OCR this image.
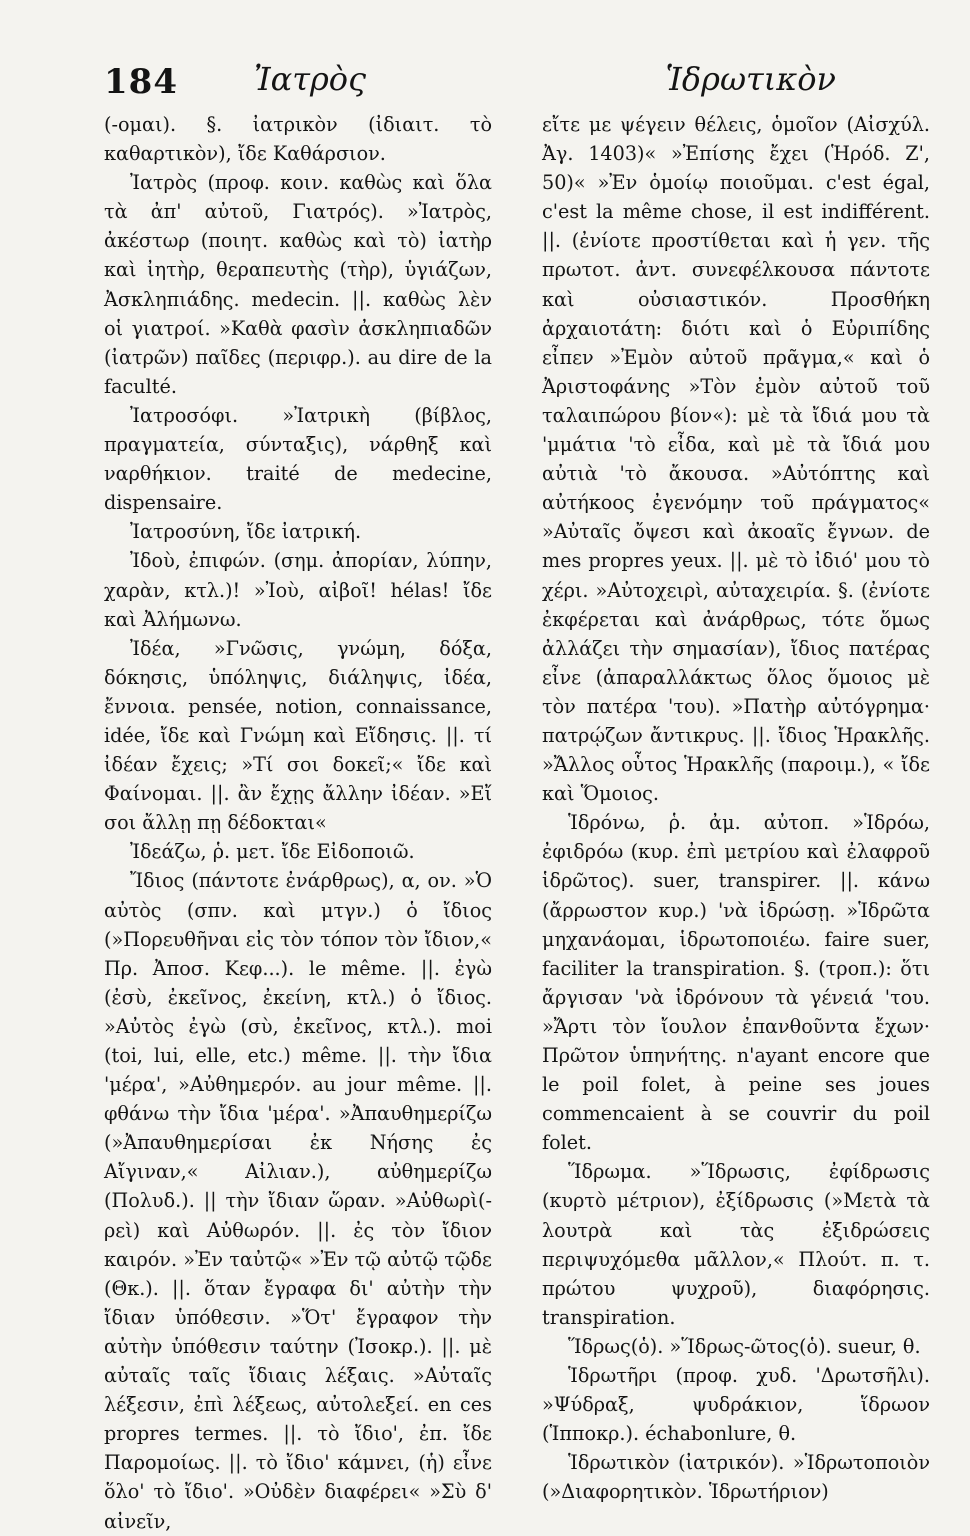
184 Ἰατρὸς	Ἱδρωτικὸν

(-ομαι). §. ἰατρικὸν (ἰδιαιτ. τὸ καθαρτικὸν), ἴδε Καθάρσιον.

Ἰατρὸς (προφ. κοιν. καθὼς καὶ ὅλα τὰ ἀπ' αὐτοῦ, Γιατρός). »Ἰατρὸς, ἀκέστωρ (ποιητ. καθὼς καὶ τὸ) ἰατὴρ καὶ ἰητὴρ, θεραπευτὴς (τὴρ), ὑγιάζων, Ἀσκληπιάδης. medecin. ||. καθὼς λὲν οἱ γιατροί. »Καθὰ φασὶν ἀσκληπιαδῶν (ἰατρῶν) παῖδες (περιφρ.). au dire de la faculté.

Ἰατροσόφι. »Ἰατρικὴ (βίβλος, πραγματεία, σύνταξις), νάρθηξ καὶ ναρθήκιον. traité de medecine, dispensaire.

Ἰατροσύνη, ἴδε ἰατρική.

Ἰδοὺ, ἐπιφών. (σημ. ἀπορίαν, λύπην, χαρὰν, κτλ.)! »Ἰοὺ, αἰβοῖ! hélas! ἴδε καὶ Ἀλήμωνω.

Ἰδέα, »Γνῶσις, γνώμη, δόξα, δόκησις, ὑπόληψις, διάληψις, ἰδέα, ἔννοια. pensée, notion, connaissance, idée, ἴδε καὶ Γνώμη καὶ Εἴδησις. ||. τί ἰδέαν ἔχεις; »Τί σοι δοκεῖ;« ἴδε καὶ Φαίνομαι. ||. ἂν ἔχῃς ἄλλην ἰδέαν. »Εἴ σοι ἄλλῃ πῃ δέδοκται«

Ἰδεάζω, ῥ. μετ. ἴδε Εἰδοποιῶ.

Ἴδιος (πάντοτε ἐνάρθρως), α, ον. »Ὁ αὐτὸς (σπν. καὶ μτγν.) ὁ ἴδιος (»Πορευθῆναι εἰς τὸν τόπον τὸν ἴδιον,« Πρ. Ἀποσ. Κεφ...). le même. ||. ἐγὼ (ἐσὺ, ἐκεῖνος, ἐκείνη, κτλ.) ὁ ἴδιος. »Αὐτὸς ἐγὼ (σὺ, ἐκεῖνος, κτλ.). moi (toi, lui, elle, etc.) même. ||. τὴν ἴδια 'μέρα', »Αὐθημερόν. au jour même. ||. φθάνω τὴν ἴδια 'μέρα'. »Ἀπαυθημερίζω (»Ἀπαυθημερίσαι ἐκ Νήσης ἐς Αἴγιναν,« Αἰλιαν.), αὐθημερίζω (Πολυδ.). || τὴν ἴδιαν ὥραν. »Αὐθωρὶ(-ρεὶ) καὶ Αὐθωρόν. ||. ἐς τὸν ἴδιον καιρόν. »Ἐν ταὐτῷ« »Ἐν τῷ αὐτῷ τῷδε (Θκ.). ||. ὅταν ἔγραφα δι' αὐτὴν τὴν ἴδιαν ὑπόθεσιν. »Ὅτ' ἔγραφον τὴν αὐτὴν ὑπόθεσιν ταύτην (Ἰσοκρ.). ||. μὲ αὐταῖς ταῖς ἴδιαις λέξαις. »Αὐταῖς λέξεσιν, ἐπὶ λέξεως, αὐτολεξεί. en ces propres termes. ||. τὸ ἴδιο', ἐπ. ἴδε Παρομοίως. ||. τὸ ἴδιο' κάμνει, (ἡ) εἶνε ὅλο' τὸ ἴδιο'. »Οὐδὲν διαφέρει« »Σὺ δ' αἰνεῖν,

εἴτε με ψέγειν θέλεις, ὁμοῖον (Αἰσχύλ. Ἀγ. 1403)« »Ἐπίσης ἔχει (Ἡρόδ. Ζ', 50)« »Ἐν ὁμοίῳ ποιοῦμαι. c'est égal, c'est la même chose, il est indifférent. ||. (ἐνίοτε προστίθεται καὶ ἡ γεν. τῆς πρωτοτ. ἀντ. συνεφέλκουσα πάντοτε καὶ οὐσιαστικόν. Προσθήκη ἀρχαιοτάτη: διότι καὶ ὁ Εὐριπίδης εἶπεν »Ἐμὸν αὐτοῦ πρᾶγμα,« καὶ ὁ Ἀριστοφάνης »Τὸν ἐμὸν αὐτοῦ τοῦ ταλαιπώρου βίον«): μὲ τὰ ἴδιά μου τὰ 'μμάτια 'τὸ εἶδα, καὶ μὲ τὰ ἴδιά μου αὐτιὰ 'τὸ ἄκουσα. »Αὐτόπτης καὶ αὐτήκοος ἐγενόμην τοῦ πράγματος« »Αὐταῖς ὄψεσι καὶ ἀκοαῖς ἔγνων. de mes propres yeux. ||. μὲ τὸ ἰδιό' μου τὸ χέρι. »Αὐτοχειρὶ, αὐταχειρία. §. (ἐνίοτε ἐκφέρεται καὶ ἀνάρθρως, τότε ὅμως ἀλλάζει τὴν σημασίαν), ἴδιος πατέρας εἶνε (ἀπαραλλάκτως ὅλος ὅμοιος μὲ τὸν πατέρα 'του). »Πατὴρ αὐτόγρημα· πατρῴζων ἄντικρυς. ||. ἴδιος Ἡρακλῆς. »Ἄλλος οὗτος Ἡρακλῆς (παροιμ.), « ἴδε καὶ Ὅμοιος.

Ἱδρόνω, ῥ. ἀμ. αὐτοπ. »Ἱδρόω, ἐφιδρόω (κυρ. ἐπὶ μετρίου καὶ ἐλαφροῦ ἱδρῶτος). suer, transpirer. ||. κάνω (ἄρρωστον κυρ.) 'νὰ ἱδρώσῃ. »Ἱδρῶτα μηχανάομαι, ἱδρωτοποιέω. faire suer, faciliter la transpiration. §. (τροπ.): ὅτι ἄργισαν 'νὰ ἱδρόνουν τὰ γένειά 'του. »Ἄρτι τὸν ἴουλον ἐπανθοῦντα ἔχων· Πρῶτον ὑπηνήτης. n'ayant encore que le poil folet, à peine ses joues commencaient à se couvrir du poil folet.

Ἵδρωμα. »Ἵδρωσις, ἐφίδρωσις (κυρτὸ μέτριον), ἐξίδρωσις (»Μετὰ τὰ λουτρὰ καὶ τὰς ἐξιδρώσεις περιψυχόμεθα μᾶλλον,« Πλούτ. π. τ. πρώτου ψυχροῦ), διαφόρησις. transpiration.

Ἵδρως(ὁ). »Ἵδρως-ῶτος(ὁ). sueur, θ.

Ἱδρωτῆρι (προφ. χυδ. 'Δρωτσῆλι). »Ψύδραξ, ψυδράκιον, ἵδρωον (Ἱπποκρ.). échabonlure, θ.

Ἱδρωτικὸν (ἰατρικόν). »Ἱδρωτοποιὸν (»Διαφορητικὸν. Ἱδρωτήριον)
